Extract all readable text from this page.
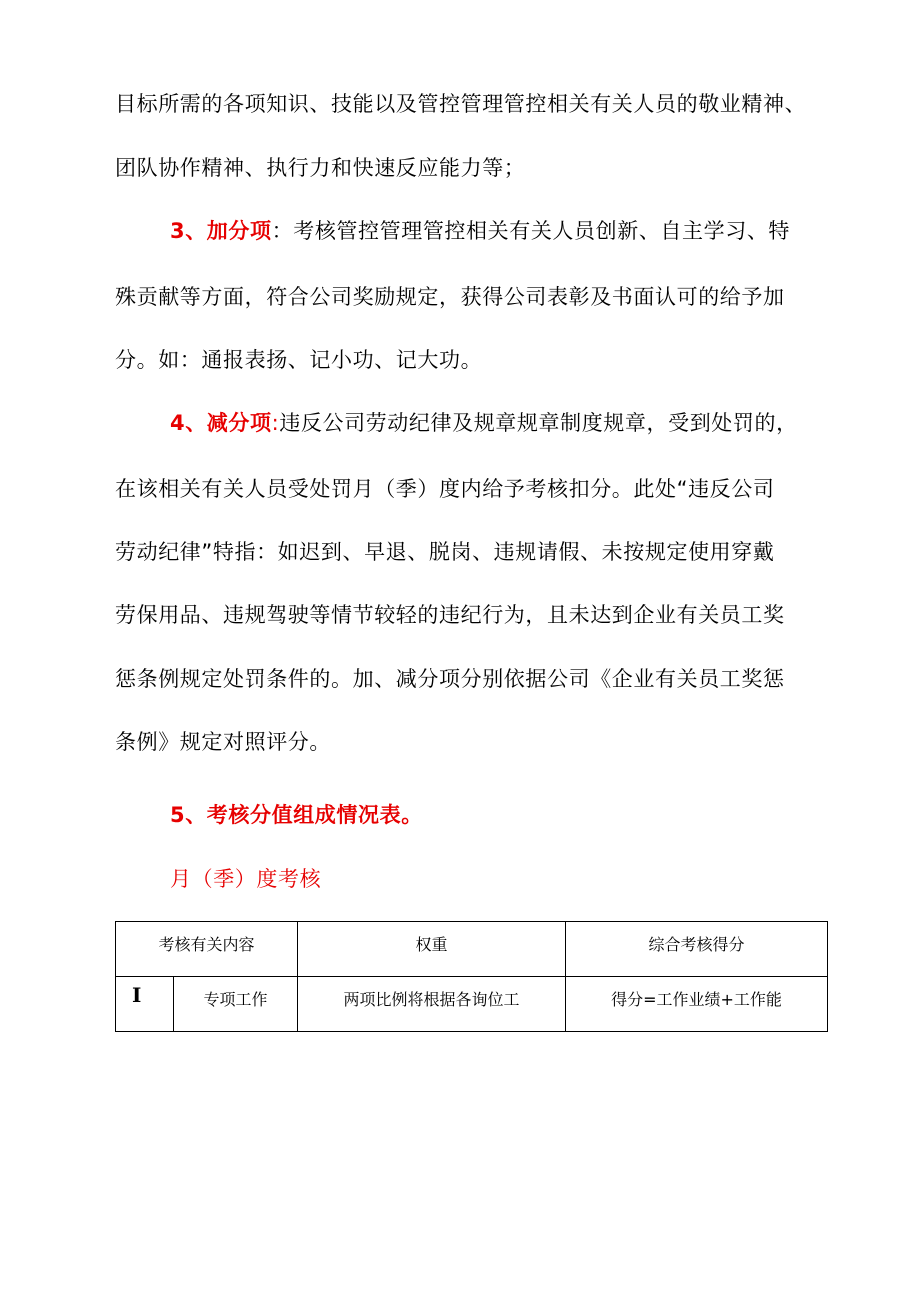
目标所需的各项知识、技能以及管控管理管控相关有关人员的敬业精神、
团队协作精神、执行力和快速反应能力等；
3、加分项：考核管控管理管控相关有关人员创新、自主学习、特
殊贡献等方面，符合公司奖励规定，获得公司表彰及书面认可的给予加
分。如：通报表扬、记小功、记大功。
4、减分项:违反公司劳动纪律及规章规章制度规章，受到处罚的，
在该相关有关人员受处罚月（季）度内给予考核扣分。此处“违反公司
劳动纪律”特指：如迟到、早退、脱岗、违规请假、未按规定使用穿戴
劳保用品、违规驾驶等情节较轻的违纪行为，且未达到企业有关员工奖
惩条例规定处罚条件的。加、减分项分别依据公司《企业有关员工奖惩
条例》规定对照评分。
5、考核分值组成情况表。
月（季）度考核
考核有关内容		权重	综合考核得分
I	专项工作	两项比例将根据各询位工	得分=工作业绩+工作能
